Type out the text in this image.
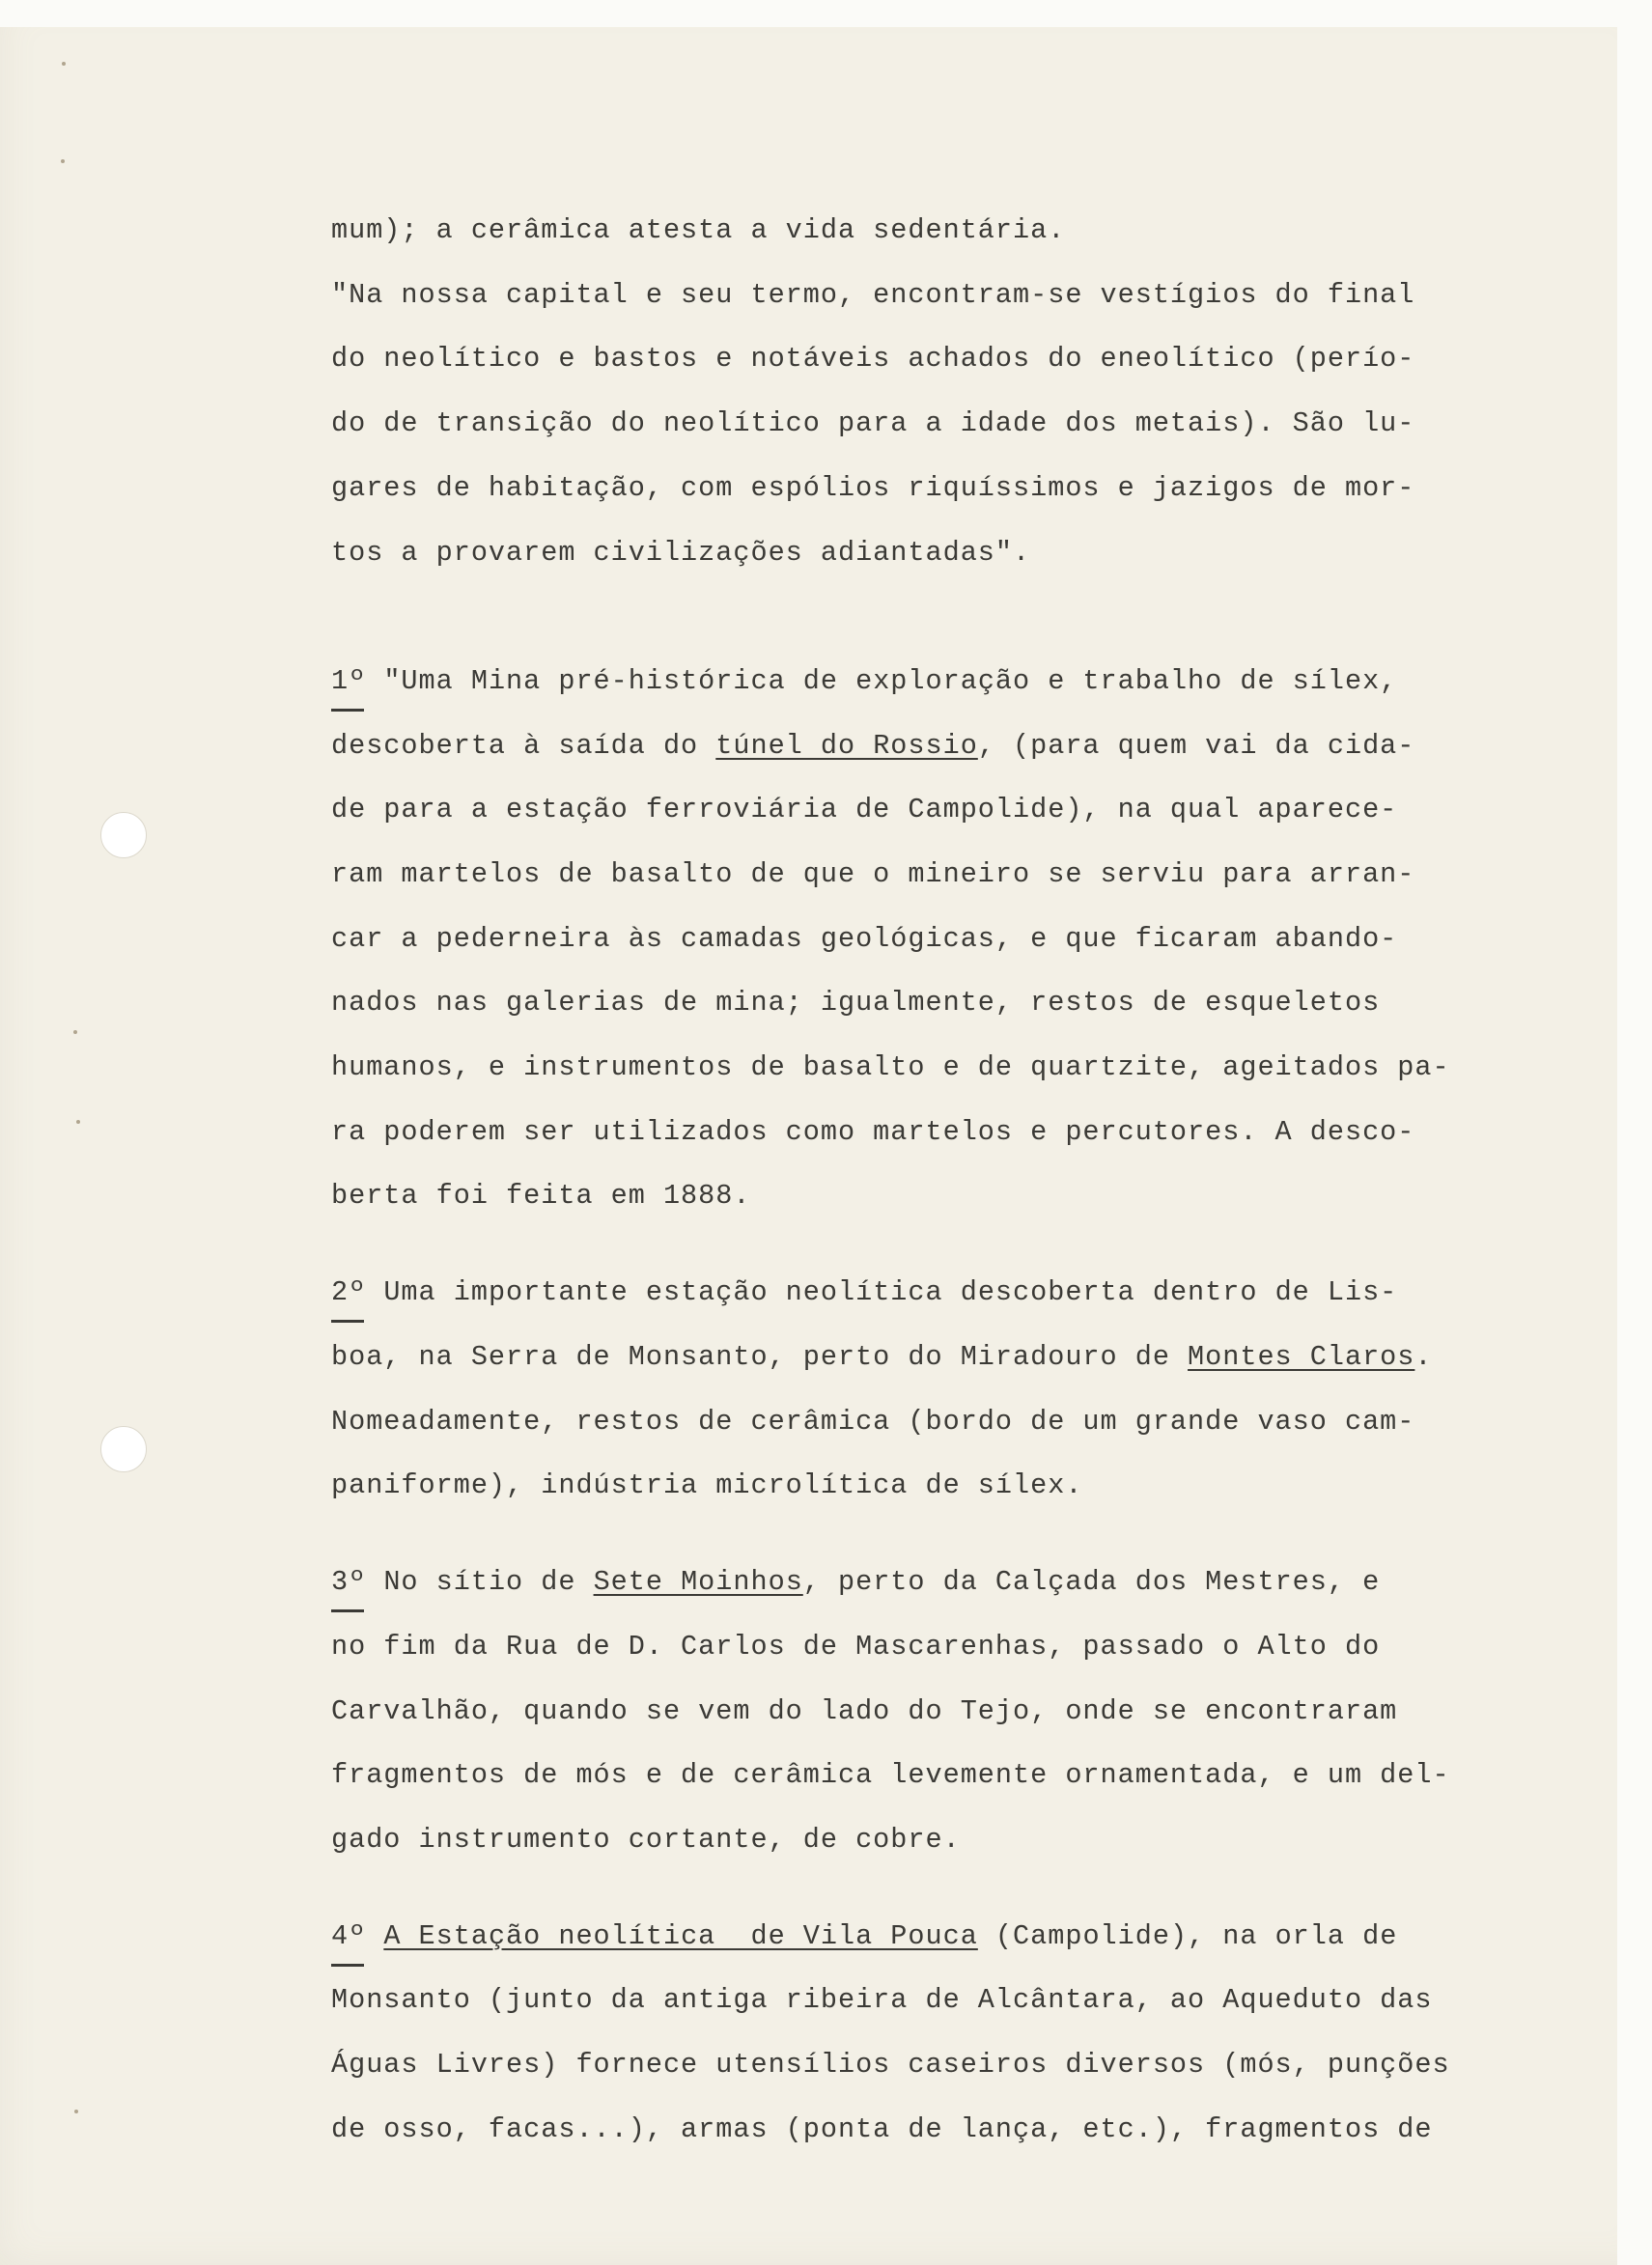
mum); a cerâmica atesta a vida sedentária.
"Na nossa capital e seu termo, encontram-se vestígios do final
do neolítico e bastos e notáveis achados do eneolítico (perío-
do de transição do neolítico para a idade dos metais). São lu-
gares de habitação, com espólios riquíssimos e jazigos de mor-
tos a provarem civilizações adiantadas".
1º "Uma Mina pré-histórica de exploração e trabalho de sílex,
descoberta à saída do túnel do Rossio, (para quem vai da cida-
de para a estação ferroviária de Campolide), na qual aparece-
ram martelos de basalto de que o mineiro se serviu para arran-
car a pederneira às camadas geológicas, e que ficaram abando-
nados nas galerias de mina; igualmente, restos de esqueletos
humanos, e instrumentos de basalto e de quartzite, ageitados pa-
ra poderem ser utilizados como martelos e percutores. A desco-
berta foi feita em 1888.
2º Uma importante estação neolítica descoberta dentro de Lis-
boa, na Serra de Monsanto, perto do Miradouro de Montes Claros.
Nomeadamente, restos de cerâmica (bordo de um grande vaso cam-
paniforme), indústria microlítica de sílex.
3º No sítio de Sete Moinhos, perto da Calçada dos Mestres, e
no fim da Rua de D. Carlos de Mascarenhas, passado o Alto do
Carvalhão, quando se vem do lado do Tejo, onde se encontraram
fragmentos de mós e de cerâmica levemente ornamentada, e um del-
gado instrumento cortante, de cobre.
4º A Estação neolítica  de Vila Pouca (Campolide), na orla de
Monsanto (junto da antiga ribeira de Alcântara, ao Aqueduto das
Águas Livres) fornece utensílios caseiros diversos (mós, punções
de osso, facas...), armas (ponta de lança, etc.), fragmentos de
